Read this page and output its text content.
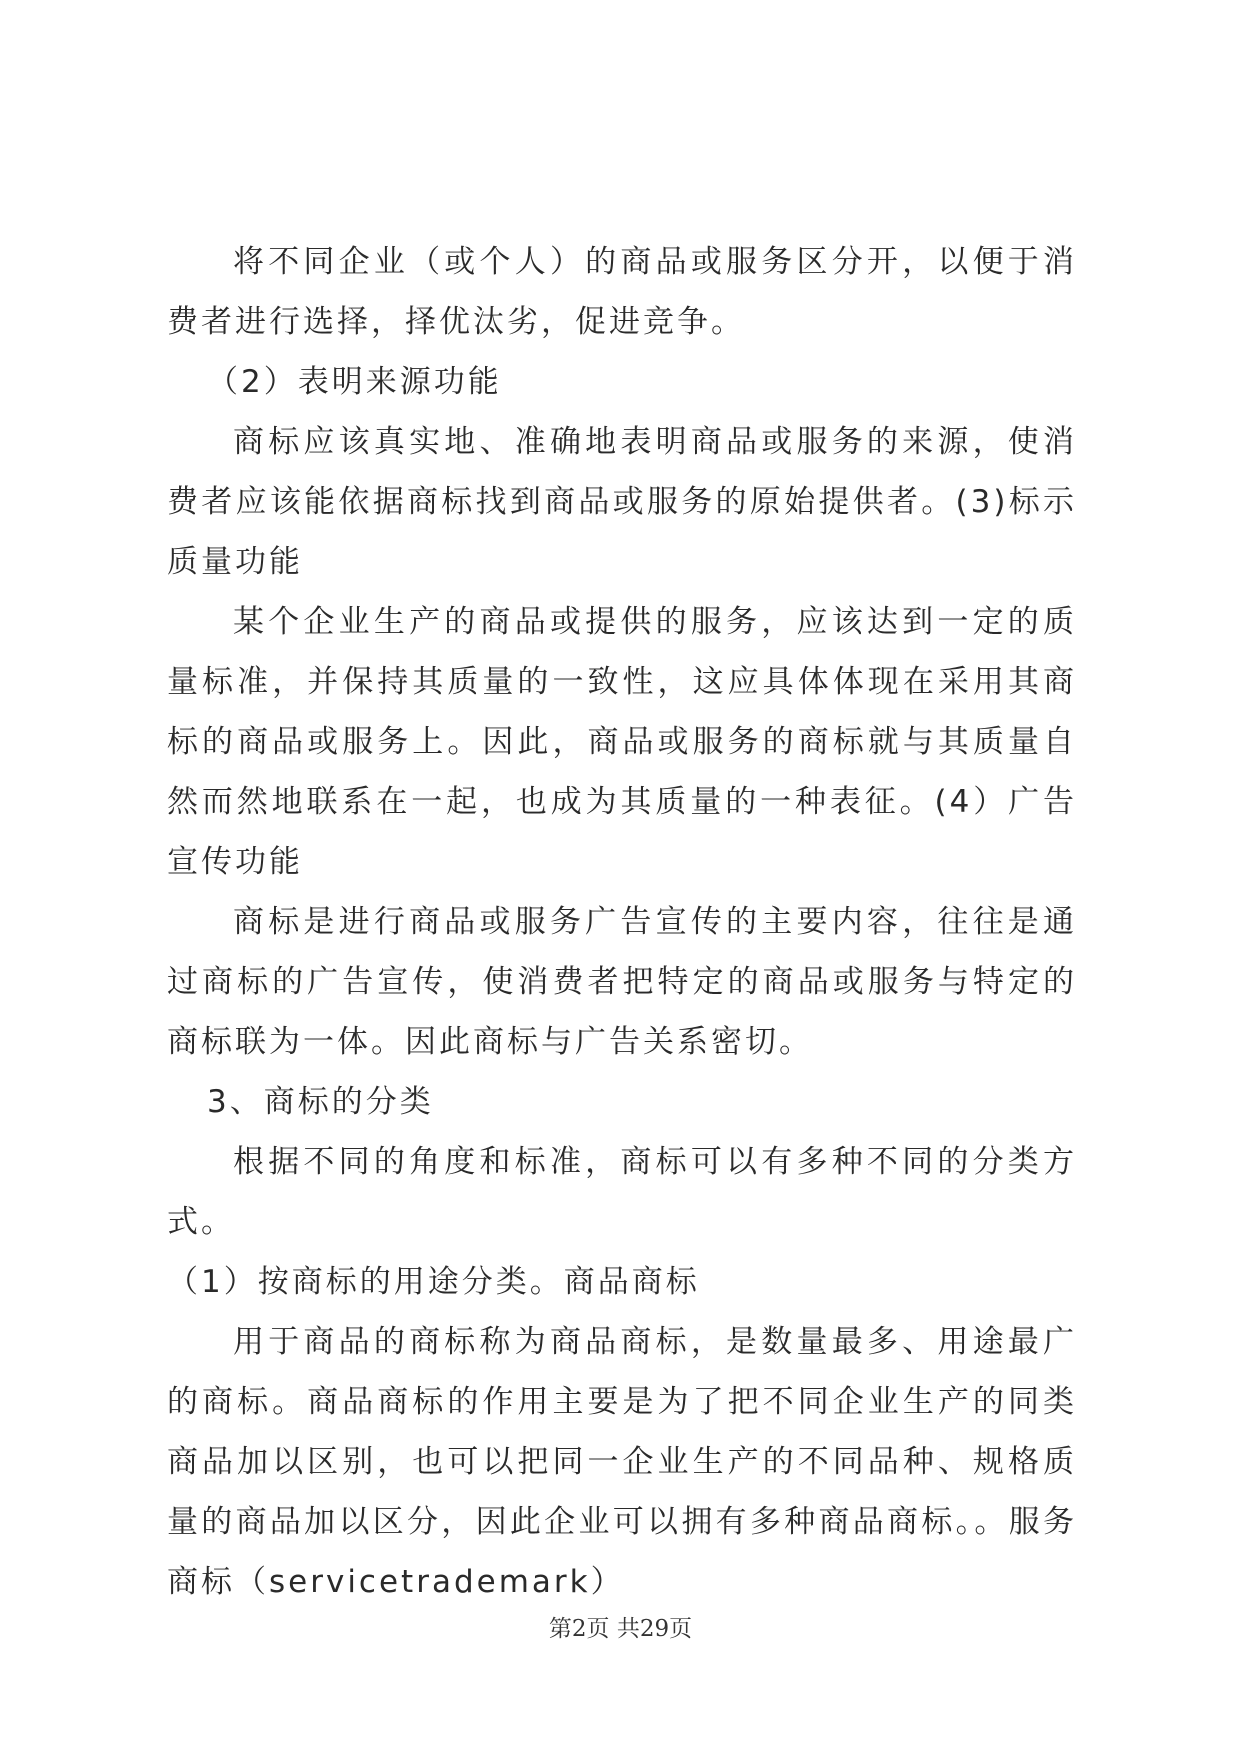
将不同企业（或个人）的商品或服务区分开，以便于消费者进行选择，择优汰劣，促进竞争。

（2）表明来源功能

商标应该真实地、准确地表明商品或服务的来源，使消费者应该能依据商标找到商品或服务的原始提供者。(3)标示质量功能

某个企业生产的商品或提供的服务，应该达到一定的质量标准，并保持其质量的一致性，这应具体体现在采用其商标的商品或服务上。因此，商品或服务的商标就与其质量自然而然地联系在一起，也成为其质量的一种表征。(4）广告宣传功能

商标是进行商品或服务广告宣传的主要内容，往往是通过商标的广告宣传，使消费者把特定的商品或服务与特定的商标联为一体。因此商标与广告关系密切。

3、商标的分类

根据不同的角度和标准，商标可以有多种不同的分类方式。

（1）按商标的用途分类。商品商标

用于商品的商标称为商品商标，是数量最多、用途最广的商标。商品商标的作用主要是为了把不同企业生产的同类商品加以区别，也可以把同一企业生产的不同品种、规格质量的商品加以区分，因此企业可以拥有多种商品商标。。服务商标（servicetrademark）

第2页 共29页
